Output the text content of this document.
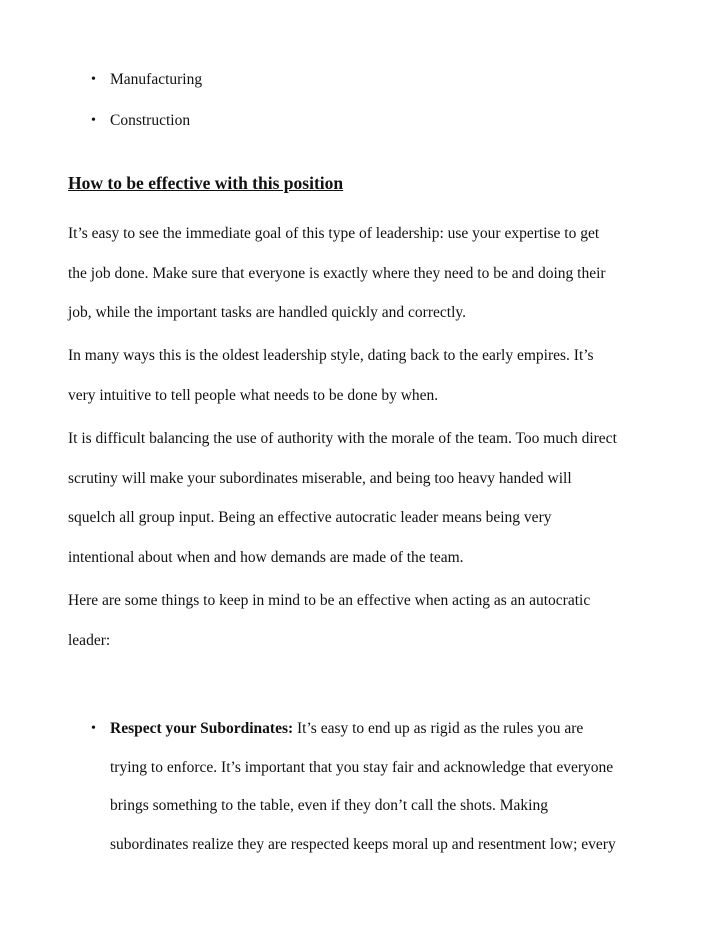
• Manufacturing
• Construction
How to be effective with this position

It’s easy to see the immediate goal of this type of leadership: use your expertise to get
the job done. Make sure that everyone is exactly where they need to be and doing their
job, while the important tasks are handled quickly and correctly.

In many ways this is the oldest leadership style, dating back to the early empires. It’s
very intuitive to tell people what needs to be done by when.

It is difficult balancing the use of authority with the morale of the team. Too much direct
scrutiny will make your subordinates miserable, and being too heavy handed will
squelch all group input. Being an effective autocratic leader means being very
intentional about when and how demands are made of the team.

Here are some things to keep in mind to be an effective when acting as an autocratic
leader:

• Respect your Subordinates: It’s easy to end up as rigid as the rules you are
trying to enforce. It’s important that you stay fair and acknowledge that everyone
brings something to the table, even if they don’t call the shots. Making
subordinates realize they are respected keeps moral up and resentment low; every
